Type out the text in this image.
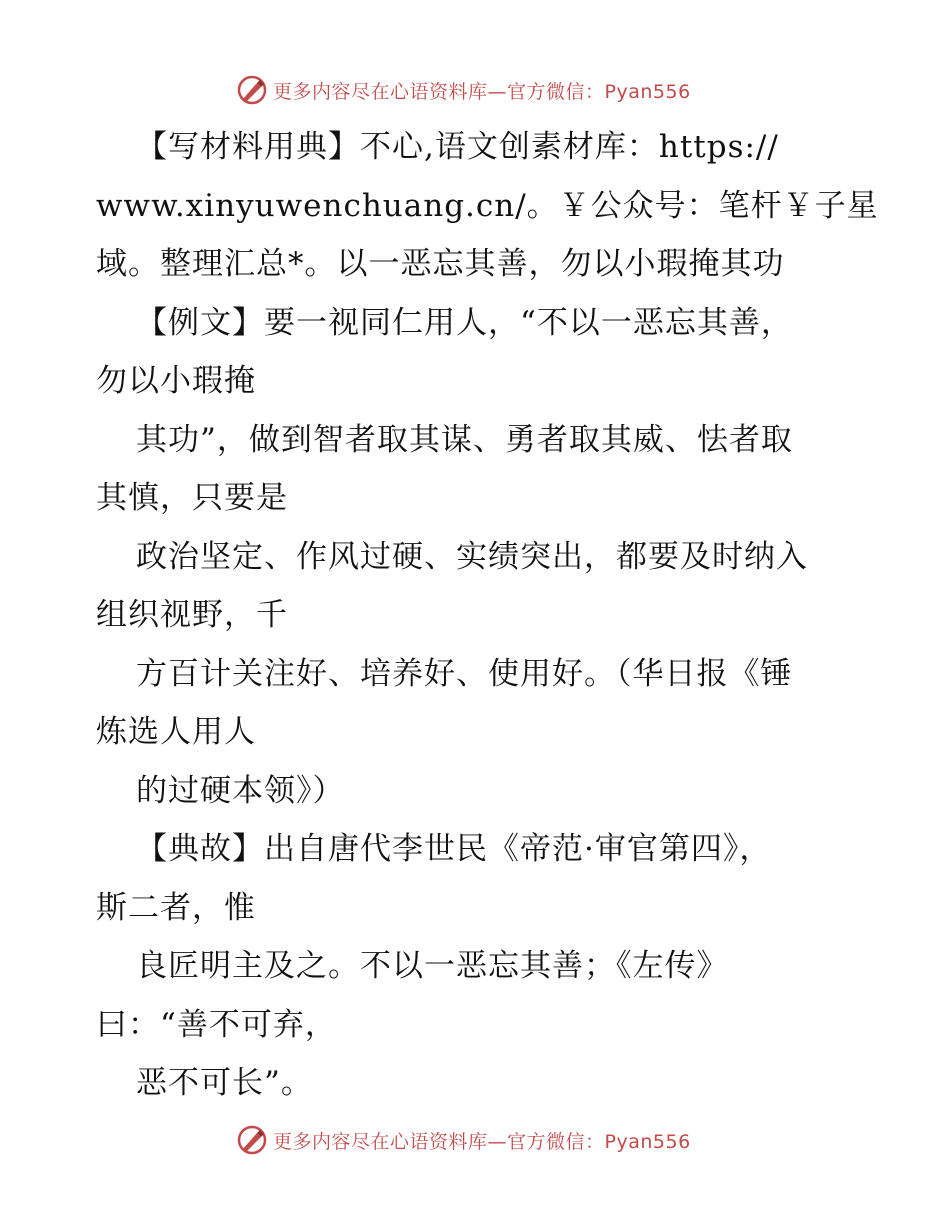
更多内容尽在心语资料库—官方微信：Pyan556
【写材料用典】不心,语文创素材库：https://
www.xinyuwenchuang.cn/。￥公众号：笔杆￥子星
域。整理汇总*。以一恶忘其善，勿以小瑕掩其功
【例文】要一视同仁用人，“不以一恶忘其善，
勿以小瑕掩
其功”，做到智者取其谋、勇者取其威、怯者取
其慎，只要是
政治坚定、作风过硬、实绩突出，都要及时纳入
组织视野，千
方百计关注好、培养好、使用好。（华日报《锤
炼选人用人
的过硬本领》）
【典故】出自唐代李世民《帝范·审官第四》，
斯二者，惟
良匠明主及之。不以一恶忘其善；《左传》
曰：“善不可弃，
恶不可长”。
更多内容尽在心语资料库—官方微信：Pyan556
